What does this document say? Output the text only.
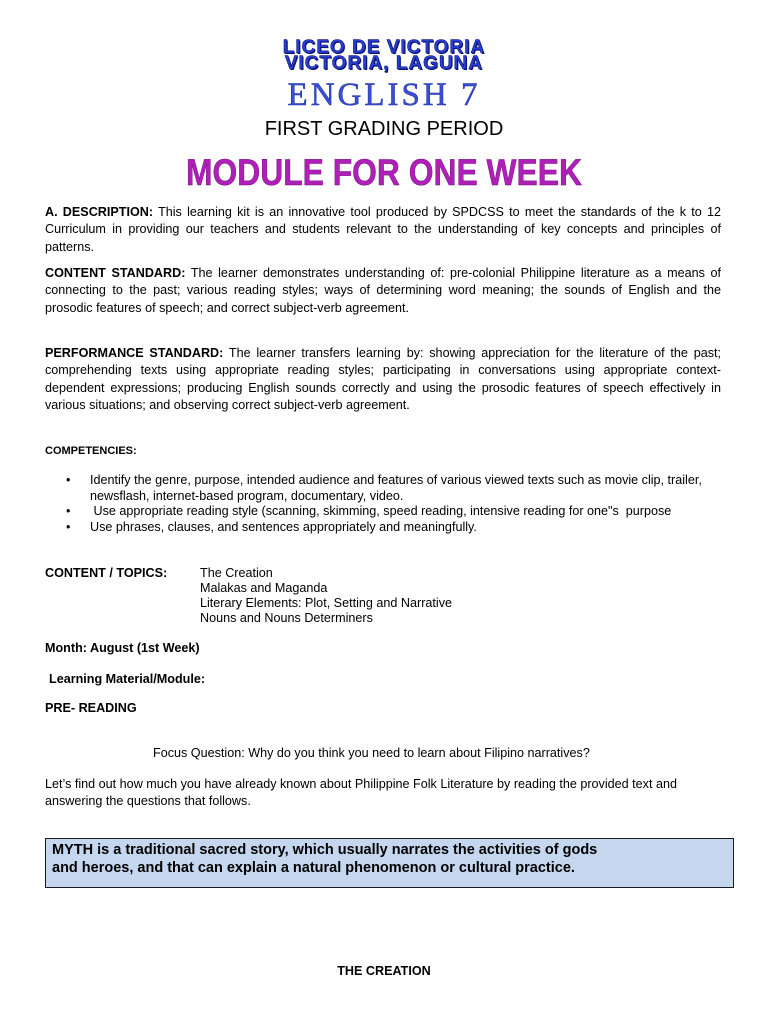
LICEO DE VICTORIA
VICTORIA, LAGUNA
ENGLISH 7
FIRST GRADING PERIOD
MODULE FOR ONE WEEK

A. DESCRIPTION: This learning kit is an innovative tool produced by SPDCSS to meet the standards of the k to 12 Curriculum in providing our teachers and students relevant to the understanding of key concepts and principles of patterns.

CONTENT STANDARD: The learner demonstrates understanding of: pre-colonial Philippine literature as a means of connecting to the past; various reading styles; ways of determining word meaning; the sounds of English and the prosodic features of speech; and correct subject-verb agreement.

PERFORMANCE STANDARD: The learner transfers learning by: showing appreciation for the literature of the past; comprehending texts using appropriate reading styles; participating in conversations using appropriate context-dependent expressions; producing English sounds correctly and using the prosodic features of speech effectively in various situations; and observing correct subject-verb agreement.

COMPETENCIES:
• Identify the genre, purpose, intended audience and features of various viewed texts such as movie clip, trailer, newsflash, internet-based program, documentary, video.
• Use appropriate reading style (scanning, skimming, speed reading, intensive reading for one"s  purpose
• Use phrases, clauses, and sentences appropriately and meaningfully.
CONTENT / TOPICS:	The Creation
Malakas and Maganda
Literary Elements: Plot, Setting and Narrative
Nouns and Nouns Determiners
Month: August (1st Week)
Learning Material/Module:
PRE- READING
Focus Question: Why do you think you need to learn about Filipino narratives?

Let’s find out how much you have already known about Philippine Folk Literature by reading the provided text and answering the questions that follows.

MYTH is a traditional sacred story, which usually narrates the activities of gods
and heroes, and that can explain a natural phenomenon or cultural practice.
THE CREATION
